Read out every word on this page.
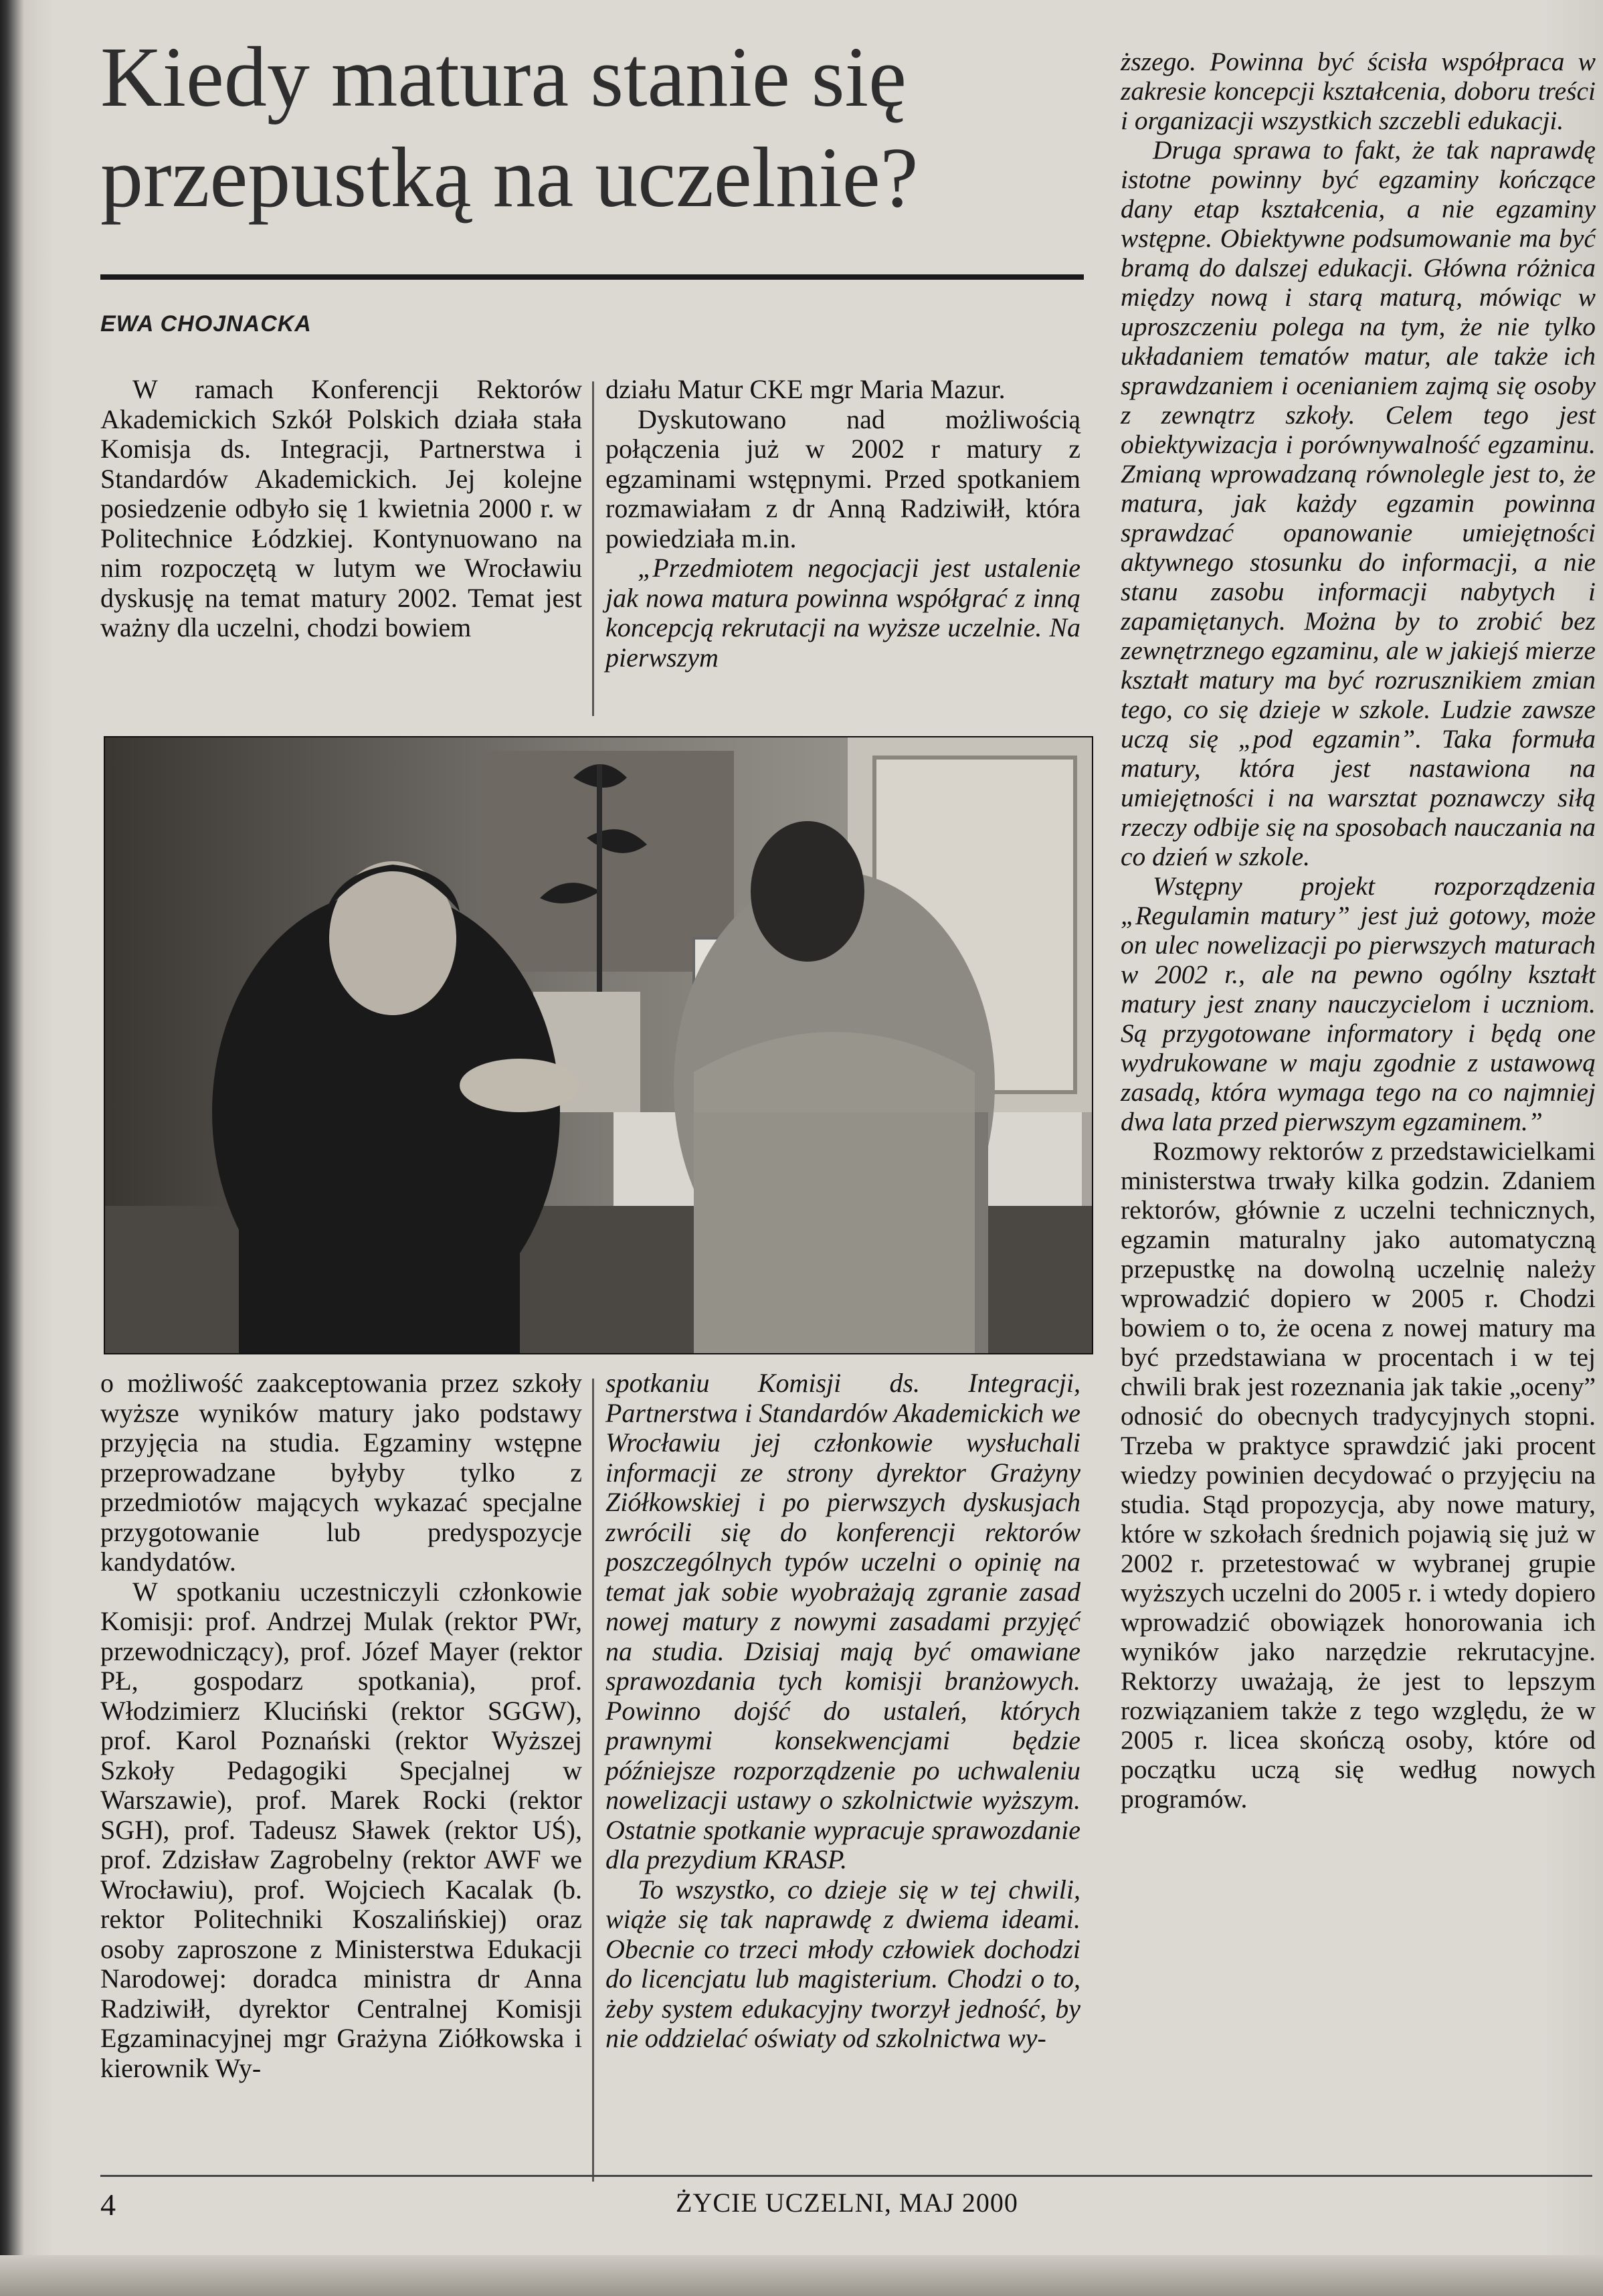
Kiedy matura stanie się
przepustką na uczelnie?
EWA CHOJNACKA

W ramach Konferencji Rektorów Akademickich Szkół Polskich działa stała Komisja ds. Integracji, Partnerstwa i Standardów Akademickich. Jej kolejne posiedzenie odbyło się 1 kwietnia 2000 r. w Politechnice Łódzkiej. Kontynuowano na nim rozpoczętą w lutym we Wrocławiu dyskusję na temat matury 2002. Temat jest ważny dla uczelni, chodzi bowiem

działu Matur CKE mgr Maria Mazur.

Dyskutowano nad możliwością połączenia już w 2002 r matury z egzaminami wstępnymi. Przed spotkaniem rozmawiałam z dr Anną Radziwiłł, która powiedziała m.in.

„Przedmiotem negocjacji jest ustalenie jak nowa matura powinna współgrać z inną koncepcją rekrutacji na wyższe uczelnie. Na pierwszym

o możliwość zaakceptowania przez szkoły wyższe wyników matury jako podstawy przyjęcia na studia. Egzaminy wstępne przeprowadzane byłyby tylko z przedmiotów mających wykazać specjalne przygotowanie lub predyspozycje kandydatów.

W spotkaniu uczestniczyli członkowie Komisji: prof. Andrzej Mulak (rektor PWr, przewodniczący), prof. Józef Mayer (rektor PŁ, gospodarz spotkania), prof. Włodzimierz Kluciński (rektor SGGW), prof. Karol Poznański (rektor Wyższej Szkoły Pedagogiki Specjalnej w Warszawie), prof. Marek Rocki (rektor SGH), prof. Tadeusz Sławek (rektor UŚ), prof. Zdzisław Zagrobelny (rektor AWF we Wrocławiu), prof. Wojciech Kacalak (b. rektor Politechniki Koszalińskiej) oraz osoby zaproszone z Ministerstwa Edukacji Narodowej: doradca ministra dr Anna Radziwiłł, dyrektor Centralnej Komisji Egzaminacyjnej mgr Grażyna Ziółkowska i kierownik Wy-

spotkaniu Komisji ds. Integracji, Partnerstwa i Standardów Akademickich we Wrocławiu jej członkowie wysłuchali informacji ze strony dyrektor Grażyny Ziółkowskiej i po pierwszych dyskusjach zwrócili się do konferencji rektorów poszczególnych typów uczelni o opinię na temat jak sobie wyobrażają zgranie zasad nowej matury z nowymi zasadami przyjęć na studia. Dzisiaj mają być omawiane sprawozdania tych komisji branżowych. Powinno dojść do ustaleń, których prawnymi konsekwencjami będzie późniejsze rozporządzenie po uchwaleniu nowelizacji ustawy o szkolnictwie wyższym. Ostatnie spotkanie wypracuje sprawozdanie dla prezydium KRASP.

To wszystko, co dzieje się w tej chwili, wiąże się tak naprawdę z dwiema ideami. Obecnie co trzeci młody człowiek dochodzi do licencjatu lub magisterium. Chodzi o to, żeby system edukacyjny tworzył jedność, by nie oddzielać oświaty od szkolnictwa wy-

ższego. Powinna być ścisła współpraca w zakresie koncepcji kształcenia, doboru treści i organizacji wszystkich szczebli edukacji.

Druga sprawa to fakt, że tak naprawdę istotne powinny być egzaminy kończące dany etap kształcenia, a nie egzaminy wstępne. Obiektywne podsumowanie ma być bramą do dalszej edukacji. Główna różnica między nową i starą maturą, mówiąc w uproszczeniu polega na tym, że nie tylko układaniem tematów matur, ale także ich sprawdzaniem i ocenianiem zajmą się osoby z zewnątrz szkoły. Celem tego jest obiektywizacja i porównywalność egzaminu. Zmianą wprowadzaną równolegle jest to, że matura, jak każdy egzamin powinna sprawdzać opanowanie umiejętności aktywnego stosunku do informacji, a nie stanu zasobu informacji nabytych i zapamiętanych. Można by to zrobić bez zewnętrznego egzaminu, ale w jakiejś mierze kształt matury ma być rozrusznikiem zmian tego, co się dzieje w szkole. Ludzie zawsze uczą się „pod egzamin”. Taka formuła matury, która jest nastawiona na umiejętności i na warsztat poznawczy siłą rzeczy odbije się na sposobach nauczania na co dzień w szkole.

Wstępny projekt rozporządzenia „Regulamin matury” jest już gotowy, może on ulec nowelizacji po pierwszych maturach w 2002 r., ale na pewno ogólny kształt matury jest znany nauczycielom i uczniom. Są przygotowane informatory i będą one wydrukowane w maju zgodnie z ustawową zasadą, która wymaga tego na co najmniej dwa lata przed pierwszym egzaminem.”

Rozmowy rektorów z przedstawicielkami ministerstwa trwały kilka godzin. Zdaniem rektorów, głównie z uczelni technicznych, egzamin maturalny jako automatyczną przepustkę na dowolną uczelnię należy wprowadzić dopiero w 2005 r. Chodzi bowiem o to, że ocena z nowej matury ma być przedstawiana w procentach i w tej chwili brak jest rozeznania jak takie „oceny” odnosić do obecnych tradycyjnych stopni. Trzeba w praktyce sprawdzić jaki procent wiedzy powinien decydować o przyjęciu na studia. Stąd propozycja, aby nowe matury, które w szkołach średnich pojawią się już w 2002 r. przetestować w wybranej grupie wyższych uczelni do 2005 r. i wtedy dopiero wprowadzić obowiązek honorowania ich wyników jako narzędzie rekrutacyjne. Rektorzy uważają, że jest to lepszym rozwiązaniem także z tego względu, że w 2005 r. licea skończą osoby, które od początku uczą się według nowych programów.

4	ŻYCIE UCZELNI, MAJ 2000
